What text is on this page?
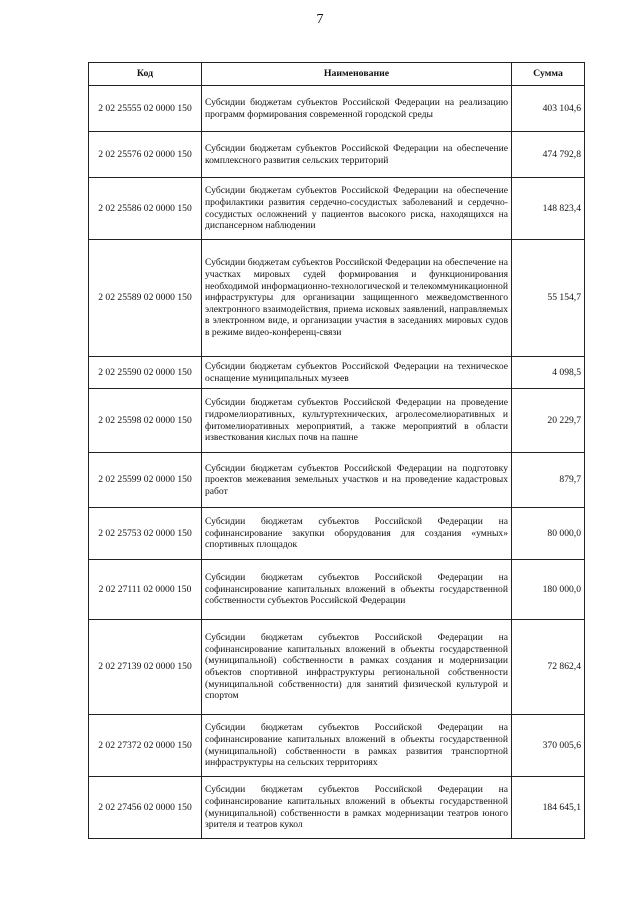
7
Код	Наименование	Сумма
2 02 25555 02 0000 150	Субсидии бюджетам субъектов Российской Федерации на реализацию программ формирования современной городской среды	403 104,6
2 02 25576 02 0000 150	Субсидии бюджетам субъектов Российской Федерации на обеспечение комплексного развития сельских территорий	474 792,8
2 02 25586 02 0000 150	Субсидии бюджетам субъектов Российской Федерации на обеспечение профилактики развития сердечно-сосудистых заболеваний и сердечно-сосудистых осложнений у пациентов высокого риска, находящихся на диспансерном наблюдении	148 823,4
2 02 25589 02 0000 150	Субсидии бюджетам субъектов Российской Федерации на обеспечение на участках мировых судей формирования и функционирования необходимой информационно-технологической и телекоммуникационной инфраструктуры для организации защищенного межведомственного электронного взаимодействия, приема исковых заявлений, направляемых в электронном виде, и организации участия в заседаниях мировых судов в режиме видео-конференц-связи	55 154,7
2 02 25590 02 0000 150	Субсидии бюджетам субъектов Российской Федерации на техническое оснащение муниципальных музеев	4 098,5
2 02 25598 02 0000 150	Субсидии бюджетам субъектов Российской Федерации на проведение гидромелиоративных, культуртехнических, агролесомелиоративных и фитомелиоративных мероприятий, а также мероприятий в области известкования кислых почв на пашне	20 229,7
2 02 25599 02 0000 150	Субсидии бюджетам субъектов Российской Федерации на подготовку проектов межевания земельных участков и на проведение кадастровых работ	879,7
2 02 25753 02 0000 150	Субсидии бюджетам субъектов Российской Федерации на софинансирование закупки оборудования для создания «умных» спортивных площадок	80 000,0
2 02 27111 02 0000 150	Субсидии бюджетам субъектов Российской Федерации на софинансирование капитальных вложений в объекты государственной собственности субъектов Российской Федерации	180 000,0
2 02 27139 02 0000 150	Субсидии бюджетам субъектов Российской Федерации на софинансирование капитальных вложений в объекты государственной (муниципальной) собственности в рамках создания и модернизации объектов спортивной инфраструктуры региональной собственности (муниципальной собственности) для занятий физической культурой и спортом	72 862,4
2 02 27372 02 0000 150	Субсидии бюджетам субъектов Российской Федерации на софинансирование капитальных вложений в объекты государственной (муниципальной) собственности в рамках развития транспортной инфраструктуры на сельских территориях	370 005,6
2 02 27456 02 0000 150	Субсидии бюджетам субъектов Российской Федерации на софинансирование капитальных вложений в объекты государственной (муниципальной) собственности в рамках модернизации театров юного зрителя и театров кукол	184 645,1
